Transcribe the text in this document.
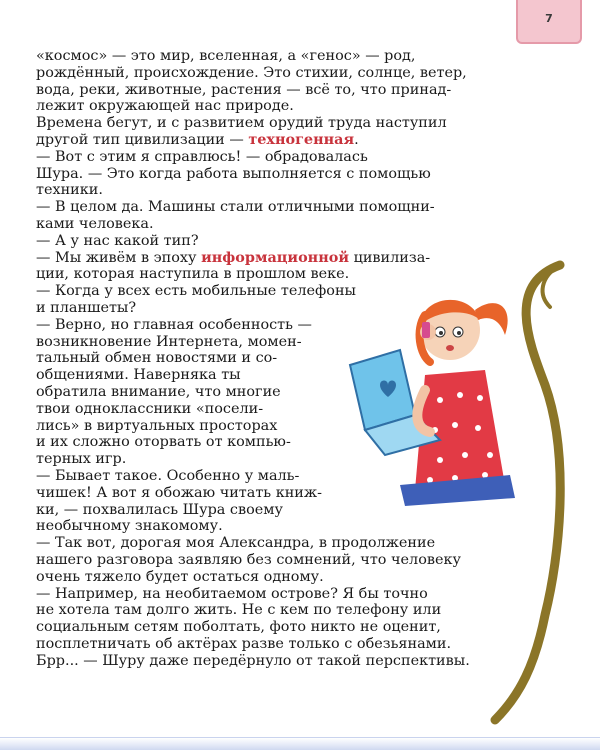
7
«космос» — это мир, вселенная, а «генос» — род,
рождённый, происхождение. Это стихии, солнце, ветер,
вода, реки, животные, растения — всё то, что принад-
лежит окружающей нас природе.
Времена бегут, и с развитием орудий труда наступил
другой тип цивилизации — техногенная.
— Вот с этим я справлюсь! — обрадовалась
Шура. — Это когда работа выполняется с помощью
техники.
— В целом да. Машины стали отличными помощни-
ками человека.
— А у нас какой тип?
— Мы живём в эпоху информационной цивилиза-
ции, которая наступила в прошлом веке.
— Когда у всех есть мобильные телефоны
и планшеты?
— Верно, но главная особенность —
возникновение Интернета, момен-
тальный обмен новостями и со-
общениями. Наверняка ты
обратила внимание, что многие
твои одноклассники «посели-
лись» в виртуальных просторах
и их сложно оторвать от компью-
терных игр.
— Бывает такое. Особенно у маль-
чишек! А вот я обожаю читать книж-
ки, — похвалилась Шура своему
необычному знакомому.
— Так вот, дорогая моя Александра, в продолжение
нашего разговора заявляю без сомнений, что человеку
очень тяжело будет остаться одному.
— Например, на необитаемом острове? Я бы точно
не хотела там долго жить. Не с кем по телефону или
социальным сетям поболтать, фото никто не оценит,
посплетничать об актёрах разве только с обезьянами.
Брр... — Шуру даже передёрнуло от такой перспективы.
